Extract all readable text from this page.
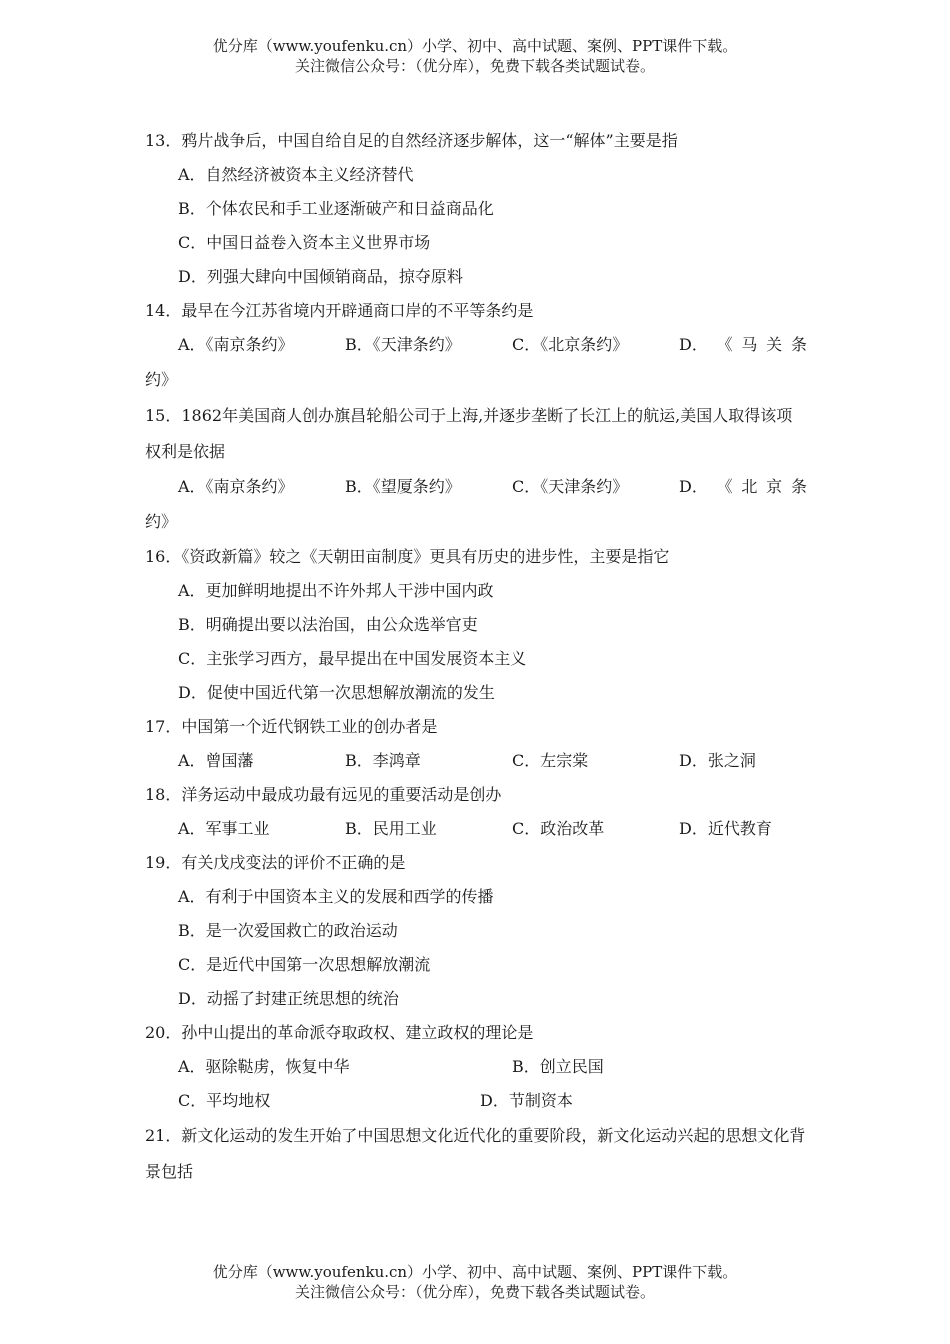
优分库（www.youfenku.cn）小学、初中、高中试题、案例、PPT课件下载。
关注微信公众号：（优分库），免费下载各类试题试卷。
13．鸦片战争后，中国自给自足的自然经济逐步解体，这一“解体”主要是指
A．自然经济被资本主义经济替代
B．个体农民和手工业逐渐破产和日益商品化
C．中国日益卷入资本主义世界市场
D．列强大肆向中国倾销商品，掠夺原料
14．最早在今江苏省境内开辟通商口岸的不平等条约是
A．《南京条约》	B．《天津条约》	C．《北京条约》	D． 《 马 关 条
约》
15．1862年美国商人创办旗昌轮船公司于上海,并逐步垄断了长江上的航运,美国人取得该项权利是依据
A．《南京条约》	B．《望厦条约》	C．《天津条约》	D． 《 北 京 条
约》
16．《资政新篇》较之《天朝田亩制度》更具有历史的进步性，主要是指它
A．更加鲜明地提出不许外邦人干涉中国内政
B．明确提出要以法治国，由公众选举官吏
C．主张学习西方，最早提出在中国发展资本主义
D．促使中国近代第一次思想解放潮流的发生
17．中国第一个近代钢铁工业的创办者是
A．曾国藩	B．李鸿章	C．左宗棠	D．张之洞
18．洋务运动中最成功最有远见的重要活动是创办
A．军事工业	B．民用工业	C．政治改革	D．近代教育
19．有关戊戌变法的评价不正确的是
A．有利于中国资本主义的发展和西学的传播
B．是一次爱国救亡的政治运动
C．是近代中国第一次思想解放潮流
D．动摇了封建正统思想的统治
20．孙中山提出的革命派夺取政权、建立政权的理论是
A．驱除鞑虏，恢复中华	B．创立民国
C．平均地权	D．节制资本
21．新文化运动的发生开始了中国思想文化近代化的重要阶段，新文化运动兴起的思想文化背景包括
优分库（www.youfenku.cn）小学、初中、高中试题、案例、PPT课件下载。
关注微信公众号：（优分库），免费下载各类试题试卷。
